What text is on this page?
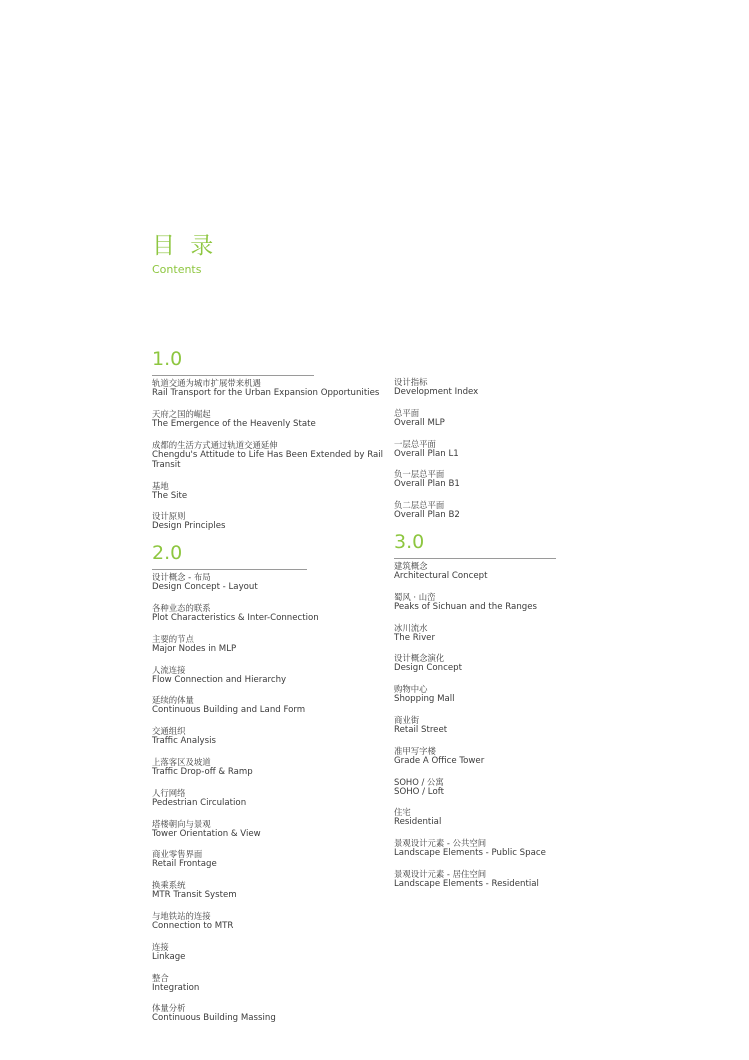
目 录
Contents
1.0
轨道交通为城市扩展带来机遇
Rail Transport for the Urban Expansion Opportunities
天府之国的崛起
The Emergence of the Heavenly State
成都的生活方式通过轨道交通延伸
Chengdu's Attitude to Life Has Been Extended by Rail Transit
基地
The Site
设计原则
Design Principles
2.0
设计概念 - 布局
Design Concept - Layout
各种业态的联系
Plot Characteristics & Inter-Connection
主要的节点
Major Nodes in MLP
人流连接
Flow Connection and Hierarchy
延续的体量
Continuous Building and Land Form
交通组织
Traffic Analysis
上落客区及坡道
Traffic Drop-off & Ramp
人行网络
Pedestrian Circulation
塔楼朝向与景观
Tower Orientation & View
商业零售界面
Retail Frontage
换乘系统
MTR Transit System
与地铁站的连接
Connection to MTR
连接
Linkage
整合
Integration
体量分析
Continuous Building Massing
设计指标
Development Index
总平面
Overall MLP
一层总平面
Overall Plan L1
负一层总平面
Overall Plan B1
负二层总平面
Overall Plan B2
3.0
建筑概念
Architectural Concept
蜀风 · 山峦
Peaks of Sichuan and the Ranges
冰川流水
The River
设计概念演化
Design Concept
购物中心
Shopping Mall
商业街
Retail Street
准甲写字楼
Grade A Office Tower
SOHO / 公寓
SOHO / Loft
住宅
Residential
景观设计元素 - 公共空间
Landscape Elements - Public Space
景观设计元素 - 居住空间
Landscape Elements - Residential
